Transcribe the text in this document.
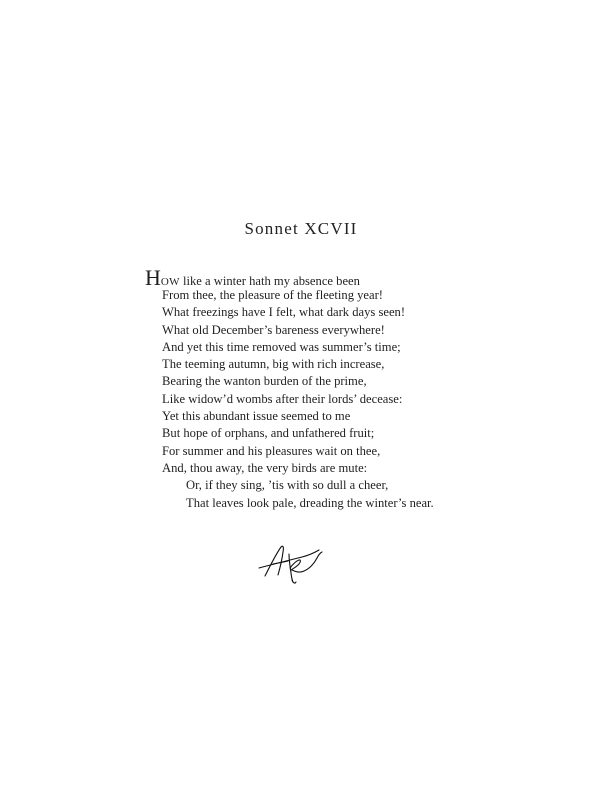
Sonnet XCVII
HOW like a winter hath my absence been
From thee, the pleasure of the fleeting year!
What freezings have I felt, what dark days seen!
What old December’s bareness everywhere!
And yet this time removed was summer’s time;
The teeming autumn, big with rich increase,
Bearing the wanton burden of the prime,
Like widow’d wombs after their lords’ decease:
Yet this abundant issue seemed to me
But hope of orphans, and unfathered fruit;
For summer and his pleasures wait on thee,
And, thou away, the very birds are mute:
Or, if they sing, ’tis with so dull a cheer,
That leaves look pale, dreading the winter’s near.
